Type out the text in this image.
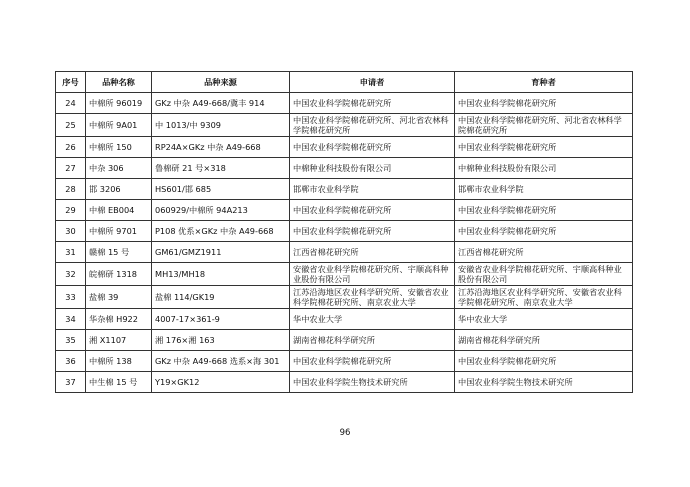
序号	品种名称	品种来源	申请者	育种者
24	中棉所 96019	GKz 中杂 A49-668/冀丰 914	中国农业科学院棉花研究所	中国农业科学院棉花研究所
25	中棉所 9A01	中 1013/中 9309	中国农业科学院棉花研究所、河北省农林科学院棉花研究所	中国农业科学院棉花研究所、河北省农林科学院棉花研究所
26	中棉所 150	RP24A×GKz 中杂 A49-668	中国农业科学院棉花研究所	中国农业科学院棉花研究所
27	中杂 306	鲁棉研 21 号×318	中棉种业科技股份有限公司	中棉种业科技股份有限公司
28	邯 3206	HS601/邯 685	邯郸市农业科学院	邯郸市农业科学院
29	中棉 EB004	060929/中棉所 94A213	中国农业科学院棉花研究所	中国农业科学院棉花研究所
30	中棉所 9701	P108 优系×GKz 中杂 A49-668	中国农业科学院棉花研究所	中国农业科学院棉花研究所
31	赣棉 15 号	GM61/GMZ1911	江西省棉花研究所	江西省棉花研究所
32	皖棉研 1318	MH13/MH18	安徽省农业科学院棉花研究所、宇顺高科种业股份有限公司	安徽省农业科学院棉花研究所、宇顺高科种业股份有限公司
33	盐棉 39	盐棉 114/GK19	江苏沿海地区农业科学研究所、安徽省农业科学院棉花研究所、南京农业大学	江苏沿海地区农业科学研究所、安徽省农业科学院棉花研究所、南京农业大学
34	华杂棉 H922	4007-17×361-9	华中农业大学	华中农业大学
35	湘 X1107	湘 176×湘 163	湖南省棉花科学研究所	湖南省棉花科学研究所
36	中棉所 138	GKz 中杂 A49-668 选系×海 301	中国农业科学院棉花研究所	中国农业科学院棉花研究所
37	中生棉 15 号	Y19×GK12	中国农业科学院生物技术研究所	中国农业科学院生物技术研究所
96
